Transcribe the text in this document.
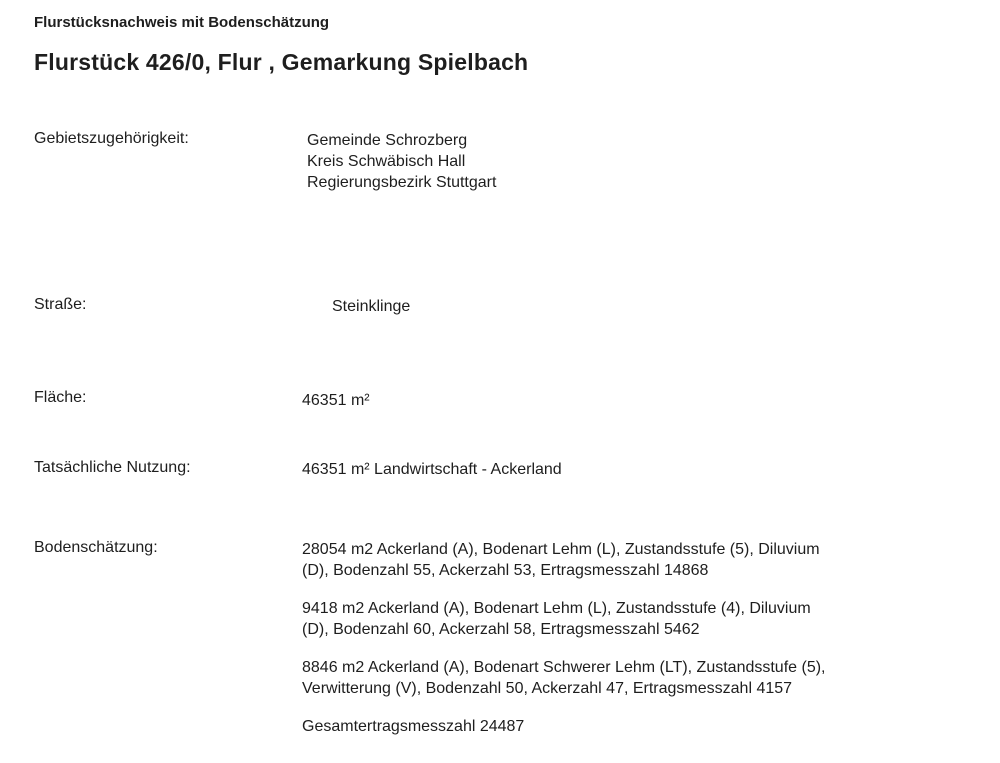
Flurstücksnachweis mit Bodenschätzung

Flurstück 426/0, Flur , Gemarkung Spielbach

Gebietszugehörigkeit:	Gemeinde Schrozberg
Kreis Schwäbisch Hall
Regierungsbezirk Stuttgart
Straße:	Steinklinge
Fläche:	46351 m²
Tatsächliche Nutzung:	46351 m² Landwirtschaft - Ackerland
Bodenschätzung:	28054 m2 Ackerland (A), Bodenart Lehm (L), Zustandsstufe (5), Diluvium
(D), Bodenzahl 55, Ackerzahl 53, Ertragsmesszahl 14868
9418 m2 Ackerland (A), Bodenart Lehm (L), Zustandsstufe (4), Diluvium
(D), Bodenzahl 60, Ackerzahl 58, Ertragsmesszahl 5462
8846 m2 Ackerland (A), Bodenart Schwerer Lehm (LT), Zustandsstufe (5),
Verwitterung (V), Bodenzahl 50, Ackerzahl 47, Ertragsmesszahl 4157
Gesamtertragsmesszahl 24487
